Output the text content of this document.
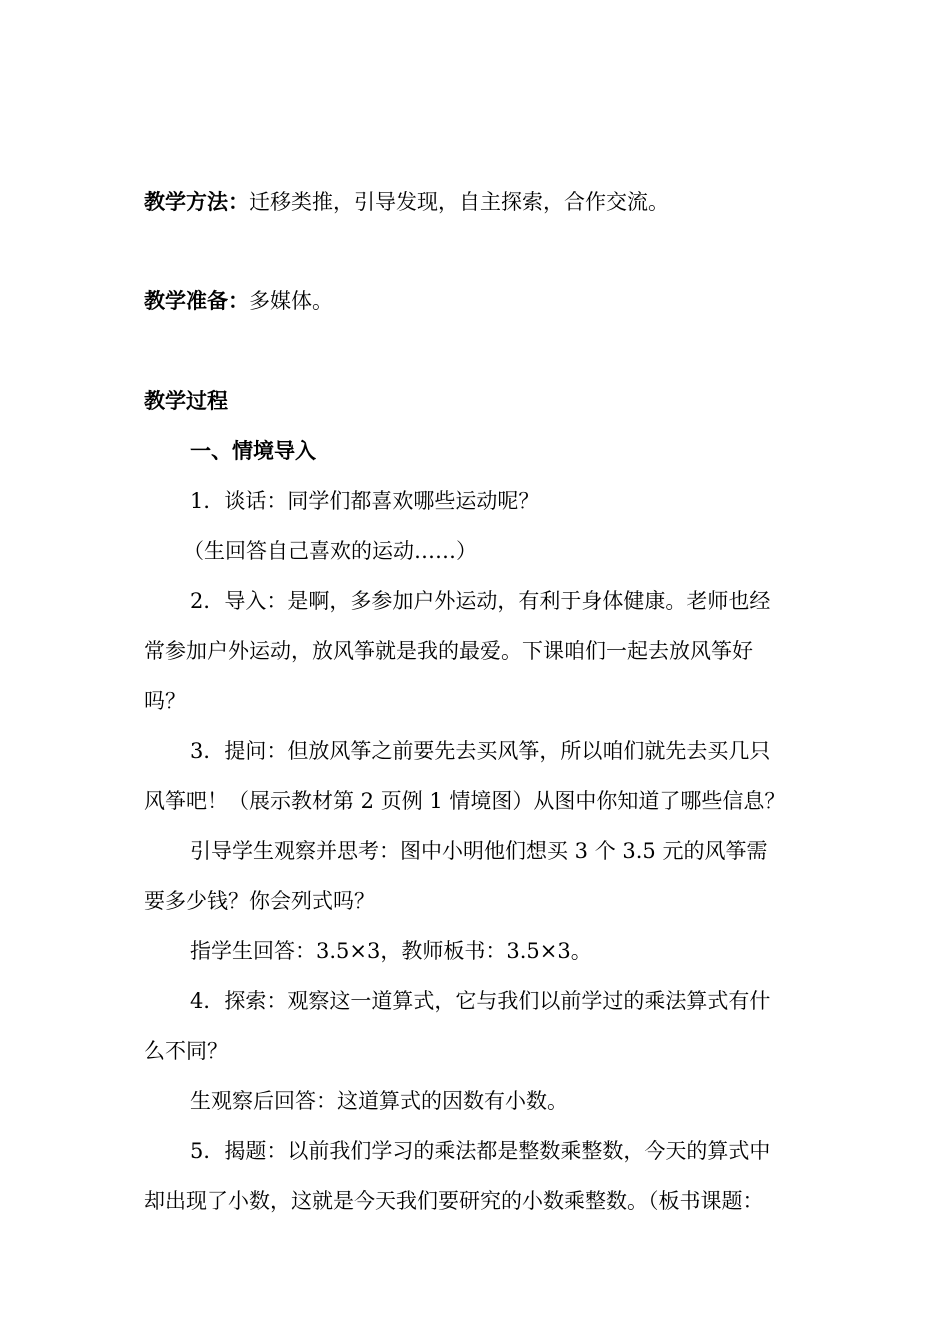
教学方法：迁移类推，引导发现，自主探索，合作交流。
教学准备：多媒体。
教学过程
一、情境导入
1．谈话：同学们都喜欢哪些运动呢？
（生回答自己喜欢的运动……）
2．导入：是啊，多参加户外运动，有利于身体健康。老师也经
常参加户外运动，放风筝就是我的最爱。下课咱们一起去放风筝好
吗？
3．提问：但放风筝之前要先去买风筝，所以咱们就先去买几只
风筝吧！（展示教材第 2 页例 1 情境图）从图中你知道了哪些信息？
引导学生观察并思考：图中小明他们想买 3 个 3.5 元的风筝需
要多少钱？你会列式吗？
指学生回答：3.5×3，教师板书：3.5×3。
4．探索：观察这一道算式，它与我们以前学过的乘法算式有什
么不同？
生观察后回答：这道算式的因数有小数。
5．揭题：以前我们学习的乘法都是整数乘整数，今天的算式中
却出现了小数，这就是今天我们要研究的小数乘整数。（板书课题：
